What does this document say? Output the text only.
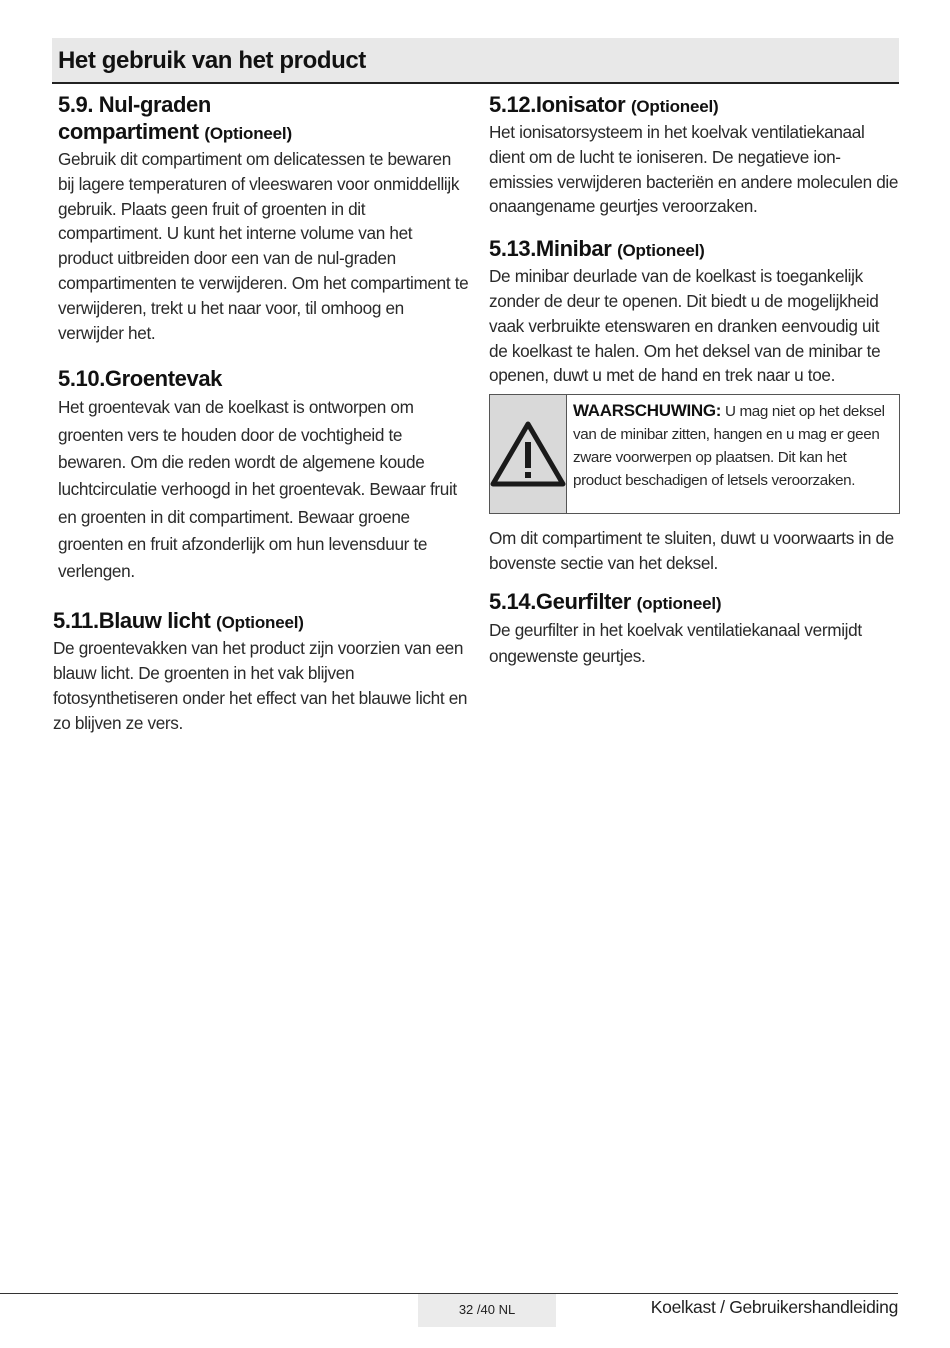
Het gebruik van het product
5.9. Nul-graden
compartiment (Optioneel)

Gebruik dit compartiment om delicatessen te bewaren bij lagere temperaturen of vleeswaren voor onmiddellijk gebruik. Plaats geen fruit of groenten in dit compartiment. U kunt het interne volume van het product uitbreiden door een van de nul-graden compartimenten te verwijderen. Om het compartiment te verwijderen, trekt u het naar voor, til omhoog en verwijder het.

5.10.Groentevak

Het groentevak van de koelkast is ontworpen om groenten vers te houden door de vochtigheid te bewaren. Om die reden wordt de algemene koude luchtcirculatie verhoogd in het groentevak. Bewaar fruit en groenten in dit compartiment. Bewaar groene groenten en fruit afzonderlijk om hun levensduur te verlengen.

5.11.Blauw licht (Optioneel)

De groentevakken van het product zijn voorzien van een blauw licht. De groenten in het vak blijven fotosynthetiseren onder het effect van het blauwe licht en zo blijven ze vers.

5.12.Ionisator (Optioneel)

Het ionisatorsysteem in het koelvak ventilatiekanaal dient om de lucht te ioniseren. De negatieve ion-emissies verwijderen bacteriën en andere moleculen die onaangename geurtjes veroorzaken.

5.13.Minibar (Optioneel)

De minibar deurlade van de koelkast is toegankelijk zonder de deur te openen. Dit biedt u de mogelijkheid vaak verbruikte etenswaren en dranken eenvoudig uit de koelkast te halen. Om het deksel van de minibar te openen, duwt u met de hand en trek naar u toe.

WAARSCHUWING: U mag niet op het deksel van de minibar zitten, hangen en u mag er geen zware voorwerpen op plaatsen. Dit kan het product beschadigen of letsels veroorzaken.

Om dit compartiment te sluiten, duwt u voorwaarts in de bovenste sectie van het deksel.

5.14.Geurfilter (optioneel)

De geurfilter in het koelvak ventilatiekanaal vermijdt ongewenste geurtjes.

32 /40 NL	Koelkast / Gebruikershandleiding
